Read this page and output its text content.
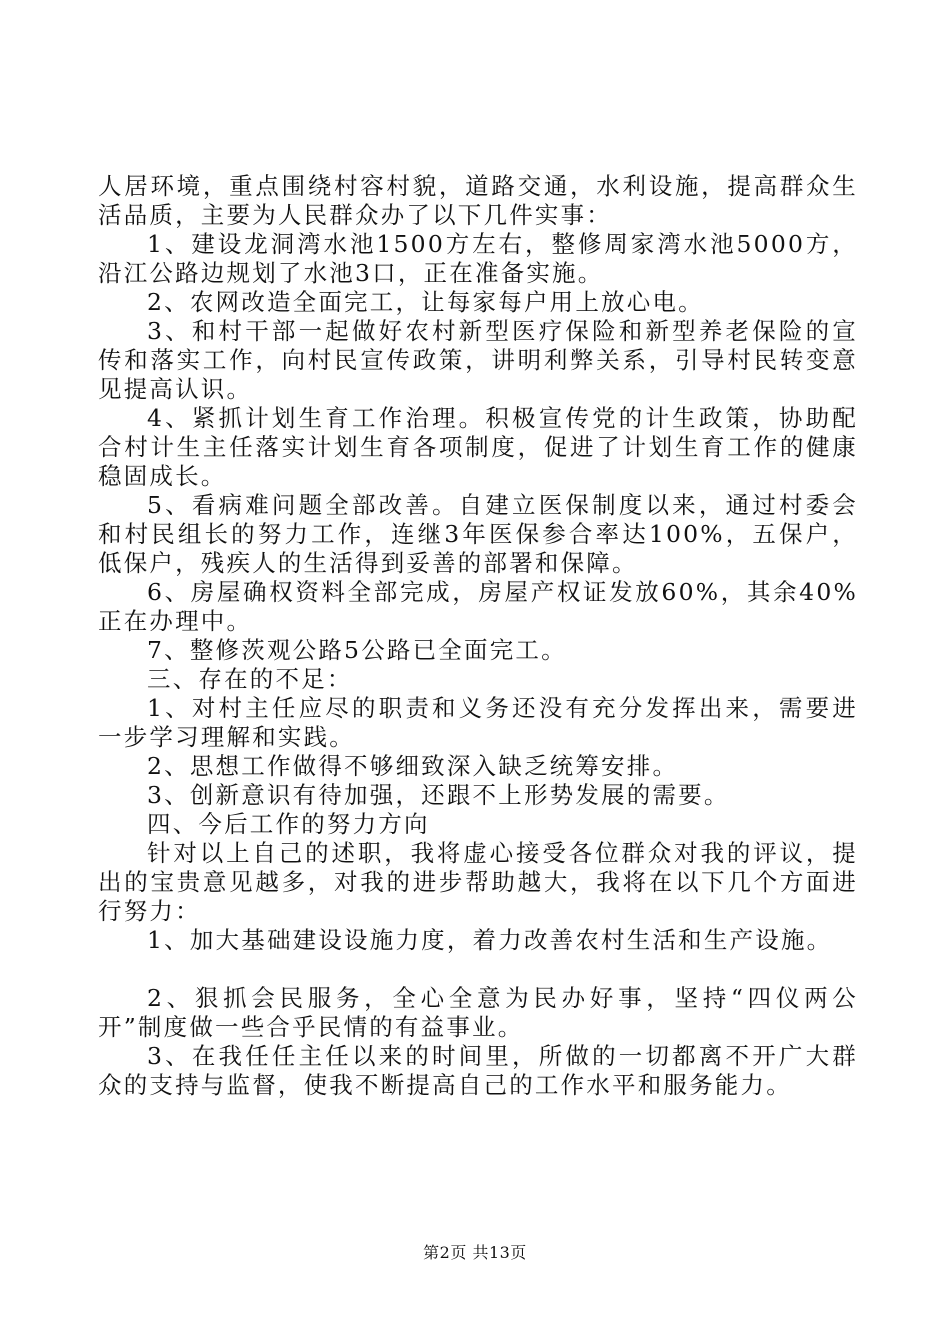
人居环境，重点围绕村容村貌，道路交通，水利设施，提高群众生活品质，主要为人民群众办了以下几件实事：

1、建设龙洞湾水池1500方左右，整修周家湾水池5000方，沿江公路边规划了水池3口，正在准备实施。

2、农网改造全面完工，让每家每户用上放心电。

3、和村干部一起做好农村新型医疗保险和新型养老保险的宣传和落实工作，向村民宣传政策，讲明利弊关系，引导村民转变意见提高认识。

4、紧抓计划生育工作治理。积极宣传党的计生政策，协助配合村计生主任落实计划生育各项制度，促进了计划生育工作的健康稳固成长。

5、看病难问题全部改善。自建立医保制度以来，通过村委会和村民组长的努力工作，连继3年医保参合率达100%，五保户，低保户，残疾人的生活得到妥善的部署和保障。

6、房屋确权资料全部完成，房屋产权证发放60%，其余40%正在办理中。

7、整修茨观公路5公路已全面完工。

三、存在的不足：

1、对村主任应尽的职责和义务还没有充分发挥出来，需要进一步学习理解和实践。

2、思想工作做得不够细致深入缺乏统筹安排。

3、创新意识有待加强，还跟不上形势发展的需要。

四、今后工作的努力方向

针对以上自己的述职，我将虚心接受各位群众对我的评议，提出的宝贵意见越多，对我的进步帮助越大，我将在以下几个方面进行努力：

1、加大基础建设设施力度，着力改善农村生活和生产设施。

2、狠抓会民服务，全心全意为民办好事，坚持“四仪两公开”制度做一些合乎民情的有益事业。

3、在我任任主任以来的时间里，所做的一切都离不开广大群众的支持与监督，使我不断提高自己的工作水平和服务能力。

第2页 共13页
